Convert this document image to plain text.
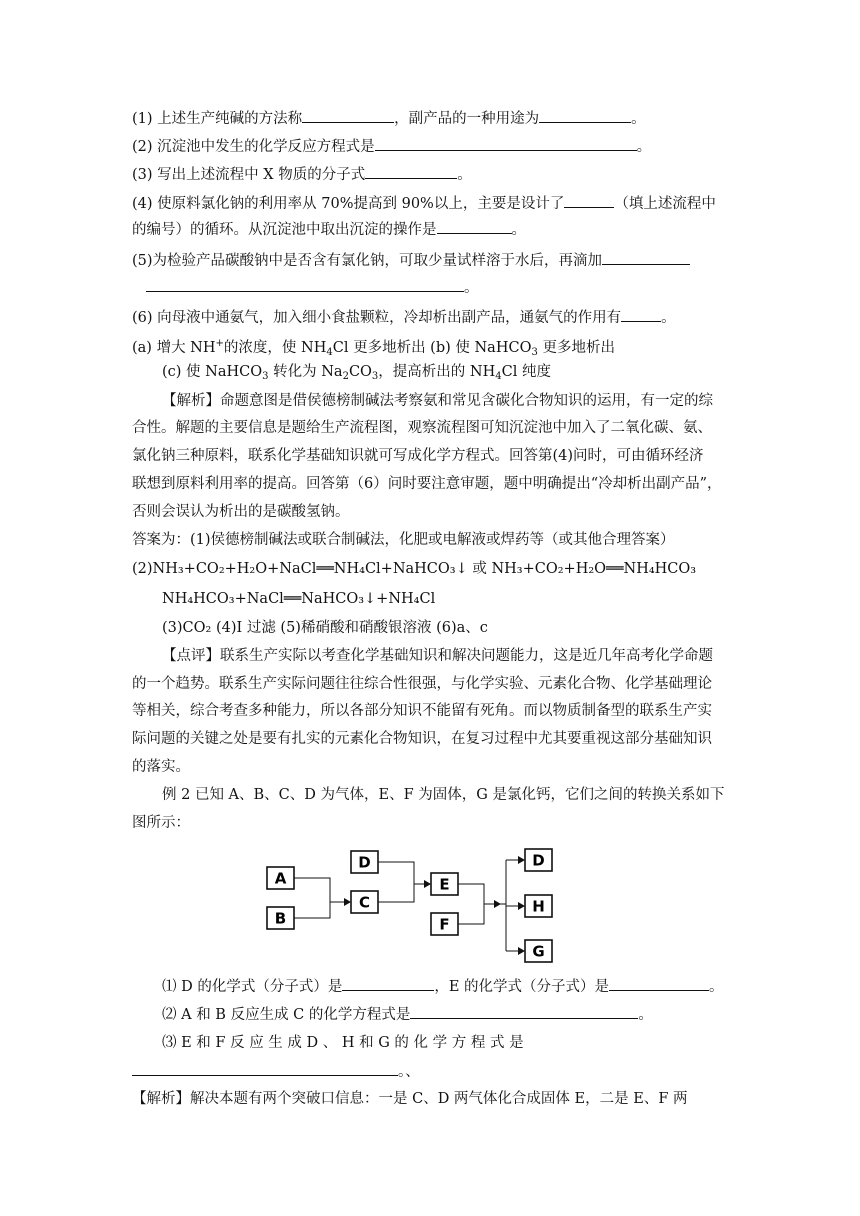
(1) 上述生产纯碱的方法称	，副产品的一种用途为	。
(2) 沉淀池中发生的化学反应方程式是	。
(3) 写出上述流程中 X 物质的分子式	。
(4) 使原料氯化钠的利用率从 70%提高到 90%以上，主要是设计了	（填上述流程中
的编号）的循环。从沉淀池中取出沉淀的操作是	。
(5)为检验产品碳酸钠中是否含有氯化钠，可取少量试样溶于水后，再滴加
。
(6) 向母液中通氨气，加入细小食盐颗粒，冷却析出副产品，通氨气的作用有	。
(a) 增大 NH+的浓度，使 $NH_4Cl$ 更多地析出 (b) 使 NaHCO$_3$ 更多地析出
(c) 使 NaHCO$_3$ 转化为 $Na_2CO_3$，提高析出的 $NH_4Cl$ 纯度
【解析】命题意图是借侯德榜制碱法考察氨和常见含碳化合物知识的运用，有一定的综
合性。解题的主要信息是题给生产流程图，观察流程图可知沉淀池中加入了二氧化碳、氨、
氯化钠三种原料，联系化学基础知识就可写成化学方程式。回答第(4)问时，可由循环经济
联想到原料利用率的提高。回答第（6）问时要注意审题，题中明确提出“冷却析出副产品”，
否则会误认为析出的是碳酸氢钠。
答案为：(1)侯德榜制碱法或联合制碱法，化肥或电解液或焊药等（或其他合理答案）
(2)NH₃+CO₂+H₂O+NaCl══NH₄Cl+NaHCO₃↓ 或 NH₃+CO₂+H₂O══NH₄HCO₃
NH₄HCO₃+NaCl══NaHCO₃↓+NH₄Cl
(3)CO₂ (4)I 过滤 (5)稀硝酸和硝酸银溶液 (6)a、c
【点评】联系生产实际以考查化学基础知识和解决问题能力，这是近几年高考化学命题
的一个趋势。联系生产实际问题往往综合性很强，与化学实验、元素化合物、化学基础理论
等相关，综合考查多种能力，所以各部分知识不能留有死角。而以物质制备型的联系生产实
际问题的关键之处是要有扎实的元素化合物知识，在复习过程中尤其要重视这部分基础知识
的落实。
例 2 已知 A、B、C、D 为气体，E、F 为固体，G 是氯化钙，它们之间的转换关系如下
图所示：
A
B
D
C
E
F
D
H
G
⑴ D 的化学式（分子式）是	，E 的化学式（分子式）是	。
⑵ A 和 B 反应生成 C 的化学方程式是	。
⑶ E 和 F 反 应 生 成 D 、 H 和 G 的 化 学 方 程 式 是
。、
【解析】解决本题有两个突破口信息：一是 C、D 两气体化合成固体 E，二是 E、F 两
